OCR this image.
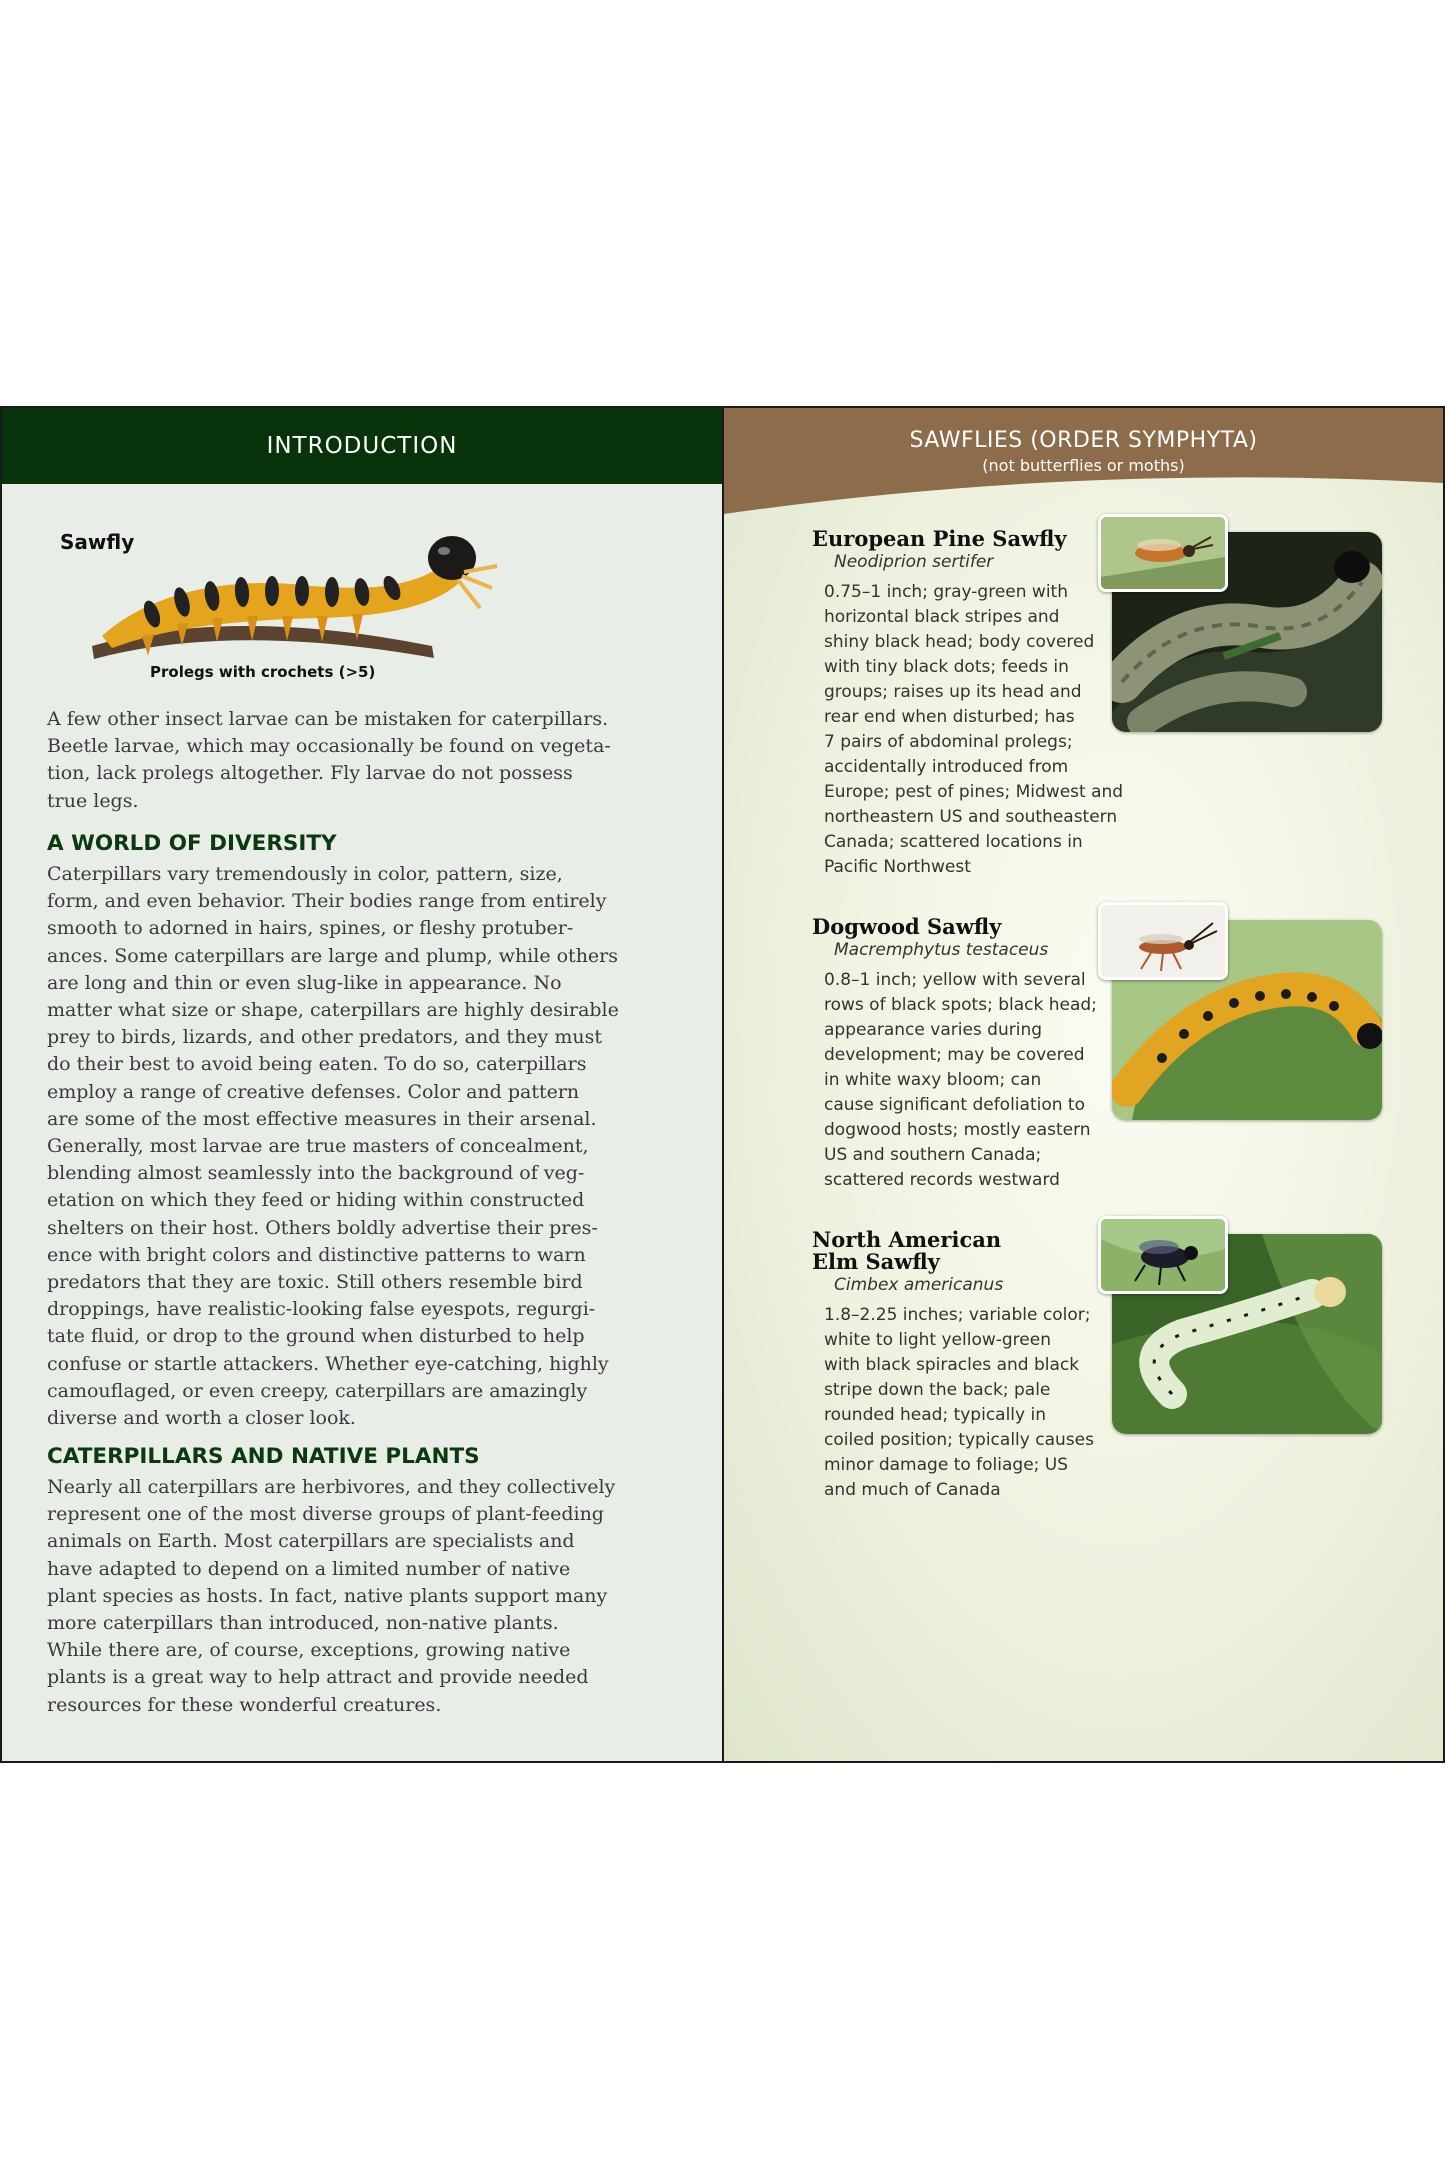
INTRODUCTION
Sawfly
Prolegs with crochets (>5)

A few other insect larvae can be mistaken for caterpillars.
Beetle larvae, which may occasionally be found on vegeta-
tion, lack prolegs altogether. Fly larvae do not possess
true legs.

A WORLD OF DIVERSITY

Caterpillars vary tremendously in color, pattern, size,
form, and even behavior. Their bodies range from entirely
smooth to adorned in hairs, spines, or fleshy protuber-
ances. Some caterpillars are large and plump, while others
are long and thin or even slug-like in appearance. No
matter what size or shape, caterpillars are highly desirable
prey to birds, lizards, and other predators, and they must
do their best to avoid being eaten. To do so, caterpillars
employ a range of creative defenses. Color and pattern
are some of the most effective measures in their arsenal.
Generally, most larvae are true masters of concealment,
blending almost seamlessly into the background of veg-
etation on which they feed or hiding within constructed
shelters on their host. Others boldly advertise their pres-
ence with bright colors and distinctive patterns to warn
predators that they are toxic. Still others resemble bird
droppings, have realistic-looking false eyespots, regurgi-
tate fluid, or drop to the ground when disturbed to help
confuse or startle attackers. Whether eye-catching, highly
camouflaged, or even creepy, caterpillars are amazingly
diverse and worth a closer look.

CATERPILLARS AND NATIVE PLANTS

Nearly all caterpillars are herbivores, and they collectively
represent one of the most diverse groups of plant-feeding
animals on Earth. Most caterpillars are specialists and
have adapted to depend on a limited number of native
plant species as hosts. In fact, native plants support many
more caterpillars than introduced, non-native plants.
While there are, of course, exceptions, growing native
plants is a great way to help attract and provide needed
resources for these wonderful creatures.

SAWFLIES (ORDER SYMPHYTA)
(not butterflies or moths)

European Pine Sawfly

Neodiprion sertifer

0.75–1 inch; gray-green with
horizontal black stripes and
shiny black head; body covered
with tiny black dots; feeds in
groups; raises up its head and
rear end when disturbed; has
7 pairs of abdominal prolegs;
accidentally introduced from
Europe; pest of pines; Midwest and
northeastern US and southeastern
Canada; scattered locations in
Pacific Northwest

Dogwood Sawfly

Macremphytus testaceus

0.8–1 inch; yellow with several
rows of black spots; black head;
appearance varies during
development; may be covered
in white waxy bloom; can
cause significant defoliation to
dogwood hosts; mostly eastern
US and southern Canada;
scattered records westward

North American
Elm Sawfly

Cimbex americanus

1.8–2.25 inches; variable color;
white to light yellow-green
with black spiracles and black
stripe down the back; pale
rounded head; typically in
coiled position; typically causes
minor damage to foliage; US
and much of Canada
